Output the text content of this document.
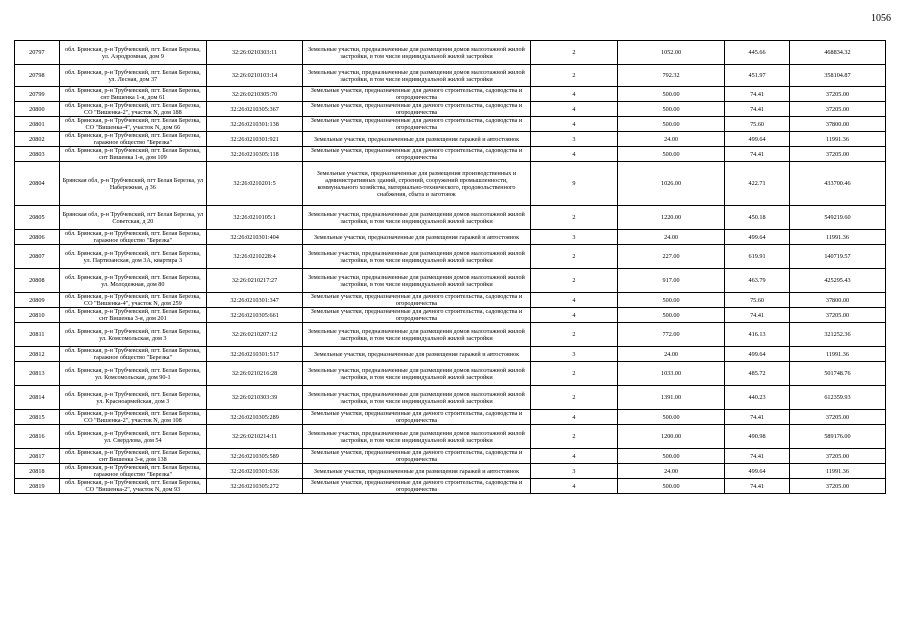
1056
20797	обл. Брянская, р-н Трубчевский, пгт. Белая Березка, ул. Аэродромная, дом 9	32:26:0210303:11	Земельные участки, предназначенные для размещения домов малоэтажной жилой застройки, в том числе индивидуальной жилой застройки	2	1052.00	445.66	468834.32
20798	обл. Брянская, р-н Трубчевский, пгт. Белая Березка, ул. Лесная, дом 37	32:26:0210103:14	Земельные участки, предназначенные для размещения домов малоэтажной жилой застройки, в том числе индивидуальной жилой застройки	2	792.32	451.97	358104.87
20799	обл. Брянская, р-н Трубчевский, пгт. Белая Березка, снт Вишенка 1-я, дом 61	32:26:0210305:70	Земельные участки, предназначенные для дачного строительства, садоводства и огородничества	4	500.00	74.41	37205.00
20800	обл. Брянская, р-н Трубчевский, пгт. Белая Березка, СО "Вишенка-2", участок N, дом 188	32:26:0210305:367	Земельные участки, предназначенные для дачного строительства, садоводства и огородничества	4	500.00	74.41	37205.00
20801	обл. Брянская, р-н Трубчевский, пгт. Белая Березка, СО "Вишенка-4", участок N, дом 66	32:26:0210301:138	Земельные участки, предназначенные для дачного строительства, садоводства и огородничества	4	500.00	75.60	37800.00
20802	обл. Брянская, р-н Трубчевский, пгт. Белая Березка, гаражное общество "Березка"	32:26:0210301:921	Земельные участки, предназначенные для размещения гаражей и автостоянок	3	24.00	499.64	11991.36
20803	обл. Брянская, р-н Трубчевский, пгт. Белая Березка, снт Вишенка 1-я, дом 109	32:26:0210305:118	Земельные участки, предназначенные для дачного строительства, садоводства и огородничества	4	500.00	74.41	37205.00
20804	Брянская обл, р-н Трубчевский, пгт Белая Березка, ул Набережная, д 36	32:26:0210201:5	Земельные участки, предназначенные для размещения производственных и административных зданий, строений, сооружений промышленности, коммунального хозяйства, материально-технического, продовольственного снабжения, сбыта и заготовок	9	1026.00	422.71	433700.46
20805	Брянская обл, р-н Трубчевский, пгт Белая Березка, ул Советская, д 20	32:26:0210105:1	Земельные участки, предназначенные для размещения домов малоэтажной жилой застройки, в том числе индивидуальной жилой застройки	2	1220.00	450.18	549219.60
20806	обл. Брянская, р-н Трубчевский, пгт. Белая Березка, гаражное общество "Березка"	32:26:0210301:404	Земельные участки, предназначенные для размещения гаражей и автостоянок	3	24.00	499.64	11991.36
20807	обл. Брянская, р-н Трубчевский, пгт. Белая Березка, ул. Партизанская, дом 3А, квартира 3	32:26:0210228:4	Земельные участки, предназначенные для размещения домов малоэтажной жилой застройки, в том числе индивидуальной жилой застройки	2	227.00	619.91	140719.57
20808	обл. Брянская, р-н Трубчевский, пгт. Белая Березка, ул. Молодежная, дом 80	32:26:0210217:27	Земельные участки, предназначенные для размещения домов малоэтажной жилой застройки, в том числе индивидуальной жилой застройки	2	917.00	463.79	425295.43
20809	обл. Брянская, р-н Трубчевский, пгт. Белая Березка, СО "Вишенка-4", участок N, дом 259	32:26:0210301:347	Земельные участки, предназначенные для дачного строительства, садоводства и огородничества	4	500.00	75.60	37800.00
20810	обл. Брянская, р-н Трубчевский, пгт. Белая Березка, снт Вишенка 3-я, дом 201	32:26:0210305:661	Земельные участки, предназначенные для дачного строительства, садоводства и огородничества	4	500.00	74.41	37205.00
20811	обл. Брянская, р-н Трубчевский, пгт. Белая Березка, ул. Комсомольская, дом 3	32:26:0210207:12	Земельные участки, предназначенные для размещения домов малоэтажной жилой застройки, в том числе индивидуальной жилой застройки	2	772.00	416.13	321252.36
20812	обл. Брянская, р-н Трубчевский, пгт. Белая Березка, гаражное общество "Березка"	32:26:0210301:517	Земельные участки, предназначенные для размещения гаражей и автостоянок	3	24.00	499.64	11991.36
20813	обл. Брянская, р-н Трубчевский, пгт. Белая Березка, ул. Комсомольская, дом 90-1	32:26:0210216:28	Земельные участки, предназначенные для размещения домов малоэтажной жилой застройки, в том числе индивидуальной жилой застройки	2	1033.00	485.72	501748.76
20814	обл. Брянская, р-н Трубчевский, пгт. Белая Березка, ул. Красноармейская, дом 3	32:26:0210303:39	Земельные участки, предназначенные для размещения домов малоэтажной жилой застройки, в том числе индивидуальной жилой застройки	2	1391.00	440.23	612359.93
20815	обл. Брянская, р-н Трубчевский, пгт. Белая Березка, СО "Вишенка-2", участок N, дом 108	32:26:0210305:289	Земельные участки, предназначенные для дачного строительства, садоводства и огородничества	4	500.00	74.41	37205.00
20816	обл. Брянская, р-н Трубчевский, пгт. Белая Березка, ул. Свердлова, дом 54	32:26:0210214:11	Земельные участки, предназначенные для размещения домов малоэтажной жилой застройки, в том числе индивидуальной жилой застройки	2	1200.00	490.98	589176.00
20817	обл. Брянская, р-н Трубчевский, пгт. Белая Березка, снт Вишенка 3-я, дом 138	32:26:0210305:589	Земельные участки, предназначенные для дачного строительства, садоводства и огородничества	4	500.00	74.41	37205.00
20818	обл. Брянская, р-н Трубчевский, пгт. Белая Березка, гаражное общество "Березка"	32:26:0210301:636	Земельные участки, предназначенные для размещения гаражей и автостоянок	3	24.00	499.64	11991.36
20819	обл. Брянская, р-н Трубчевский, пгт. Белая Березка, СО "Вишенка-2", участок N, дом 93	32:26:0210305:272	Земельные участки, предназначенные для дачного строительства, садоводства и огородничества	4	500.00	74.41	37205.00
